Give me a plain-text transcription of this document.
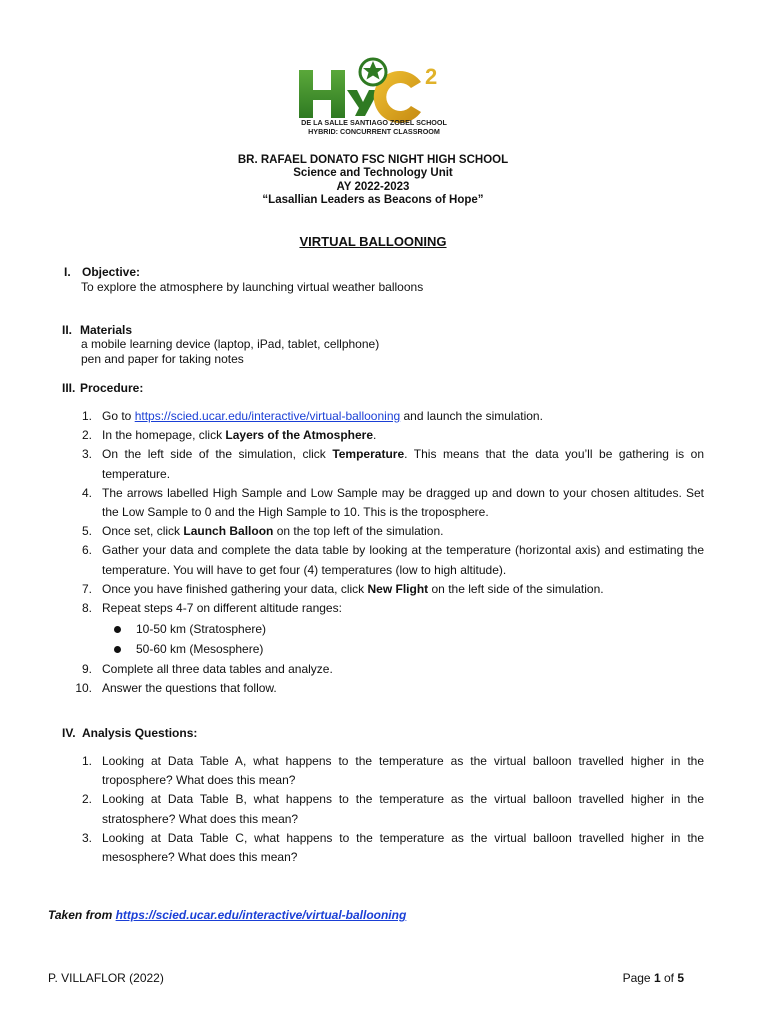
2
DE LA SALLE SANTIAGO ZOBEL SCHOOL
HYBRID: CONCURRENT CLASSROOM
BR. RAFAEL DONATO FSC NIGHT HIGH SCHOOL
Science and Technology Unit
AY 2022-2023
“Lasallian Leaders as Beacons of Hope”
VIRTUAL BALLOONING
I. Objective:
To explore the atmosphere by launching virtual weather balloons
II. Materials
a mobile learning device (laptop, iPad, tablet, cellphone)
pen and paper for taking notes
III. Procedure:
1. Go to https://scied.ucar.edu/interactive/virtual-ballooning and launch the simulation.
2. In the homepage, click Layers of the Atmosphere.
3. On the left side of the simulation, click Temperature. This means that the data you’ll be gathering is on temperature.
4. The arrows labelled High Sample and Low Sample may be dragged up and down to your chosen altitudes. Set the Low Sample to 0 and the High Sample to 10. This is the troposphere.
5. Once set, click Launch Balloon on the top left of the simulation.
6. Gather your data and complete the data table by looking at the temperature (horizontal axis) and estimating the temperature. You will have to get four (4) temperatures (low to high altitude).
7. Once you have finished gathering your data, click New Flight on the left side of the simulation.
8. Repeat steps 4-7 on different altitude ranges:
10-50 km (Stratosphere)
50-60 km (Mesosphere)
9. Complete all three data tables and analyze.
10. Answer the questions that follow.
IV. Analysis Questions:
1. Looking at Data Table A, what happens to the temperature as the virtual balloon travelled higher in the troposphere? What does this mean?
2. Looking at Data Table B, what happens to the temperature as the virtual balloon travelled higher in the stratosphere? What does this mean?
3. Looking at Data Table C, what happens to the temperature as the virtual balloon travelled higher in the mesosphere? What does this mean?
Taken from https://scied.ucar.edu/interactive/virtual-ballooning
P. VILLAFLOR (2022)	Page 1 of 5
